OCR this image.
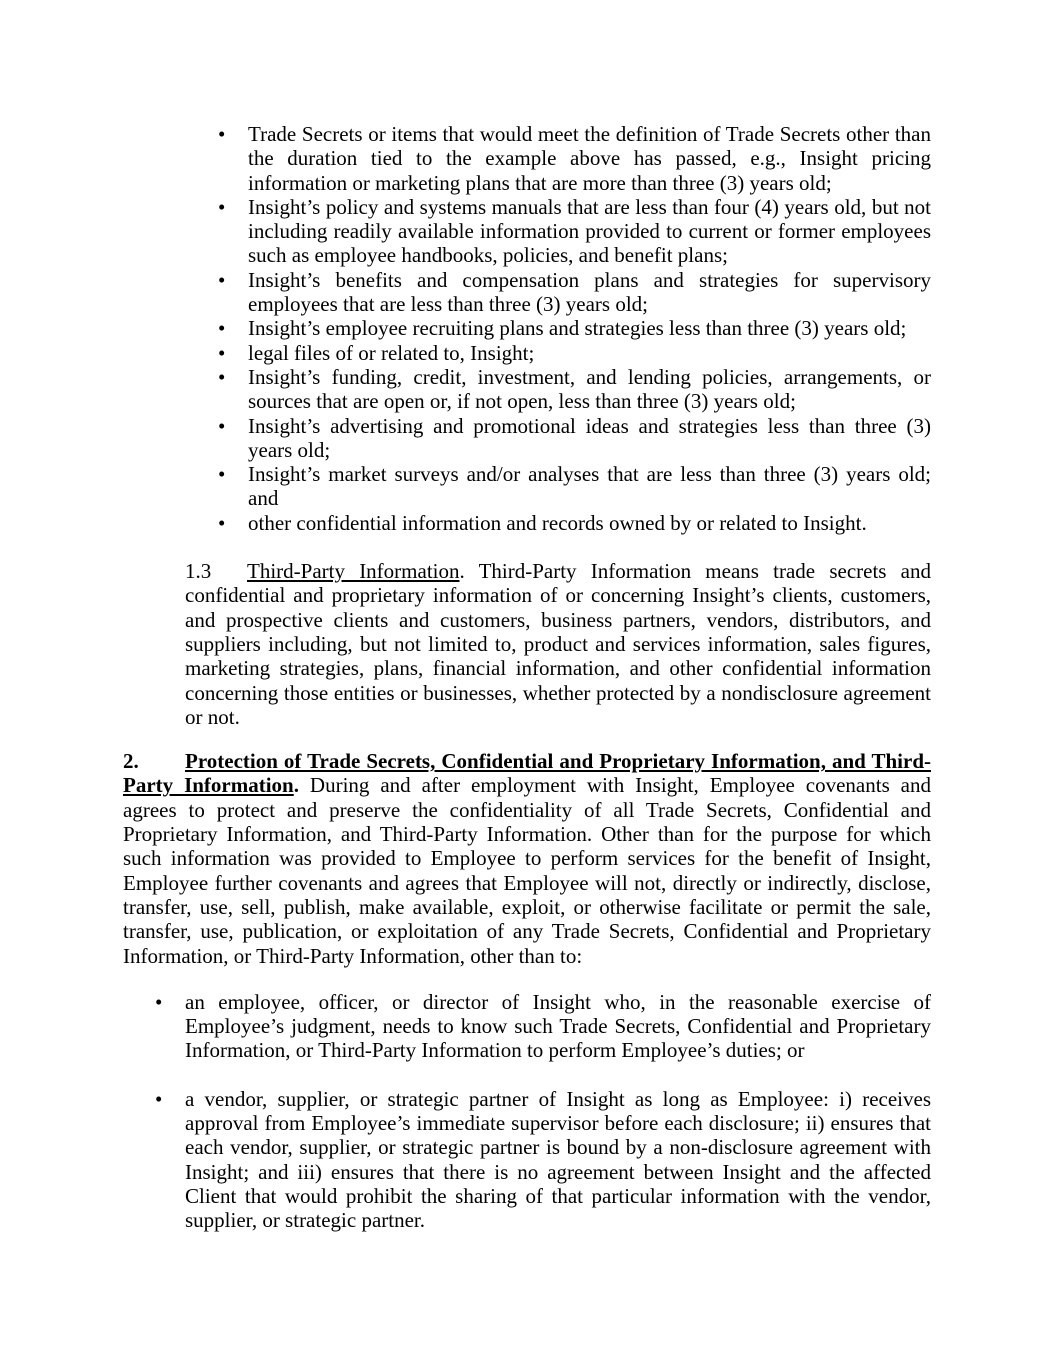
• Trade Secrets or items that would meet the definition of Trade Secrets other than the duration tied to the example above has passed, e.g., Insight pricing information or marketing plans that are more than three (3) years old;
• Insight’s policy and systems manuals that are less than four (4) years old, but not including readily available information provided to current or former employees such as employee handbooks, policies, and benefit plans;
• Insight’s benefits and compensation plans and strategies for supervisory employees that are less than three (3) years old;
• Insight’s employee recruiting plans and strategies less than three (3) years old;
• legal files of or related to, Insight;
• Insight’s funding, credit, investment, and lending policies, arrangements, or sources that are open or, if not open, less than three (3) years old;
• Insight’s advertising and promotional ideas and strategies less than three (3) years old;
• Insight’s market surveys and/or analyses that are less than three (3) years old; and
• other confidential information and records owned by or related to Insight.

1.3 Third-Party Information. Third-Party Information means trade secrets and confidential and proprietary information of or concerning Insight’s clients, customers, and prospective clients and customers, business partners, vendors, distributors, and suppliers including, but not limited to, product and services information, sales figures, marketing strategies, plans, financial information, and other confidential information concerning those entities or businesses, whether protected by a nondisclosure agreement or not.

2. Protection of Trade Secrets, Confidential and Proprietary Information, and Third-Party Information. During and after employment with Insight, Employee covenants and agrees to protect and preserve the confidentiality of all Trade Secrets, Confidential and Proprietary Information, and Third-Party Information. Other than for the purpose for which such information was provided to Employee to perform services for the benefit of Insight, Employee further covenants and agrees that Employee will not, directly or indirectly, disclose, transfer, use, sell, publish, make available, exploit, or otherwise facilitate or permit the sale, transfer, use, publication, or exploitation of any Trade Secrets, Confidential and Proprietary Information, or Third-Party Information, other than to:

• an employee, officer, or director of Insight who, in the reasonable exercise of Employee’s judgment, needs to know such Trade Secrets, Confidential and Proprietary Information, or Third-Party Information to perform Employee’s duties; or
• a vendor, supplier, or strategic partner of Insight as long as Employee: i) receives approval from Employee’s immediate supervisor before each disclosure; ii) ensures that each vendor, supplier, or strategic partner is bound by a non-disclosure agreement with Insight; and iii) ensures that there is no agreement between Insight and the affected Client that would prohibit the sharing of that particular information with the vendor, supplier, or strategic partner.
